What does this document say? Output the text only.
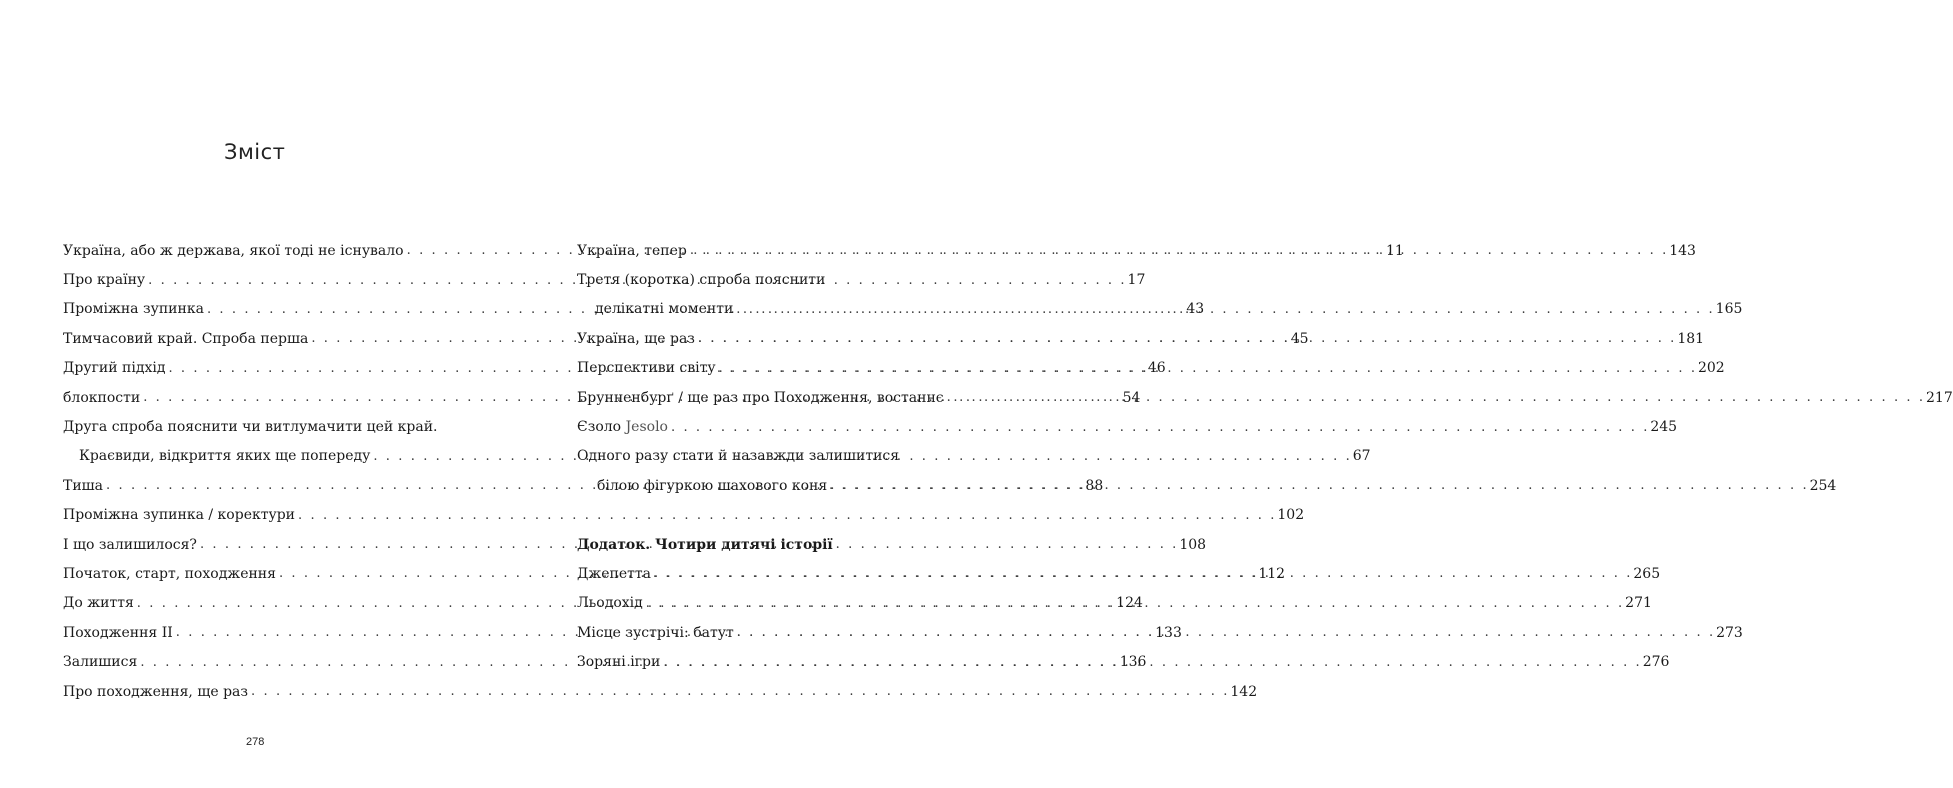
Зміст
Україна, або ж держава, якої тоді не існувало . . .	11
Про країну . . .	17
Проміжна зупинка . . .	43
Тимчасовий край. Спроба перша . . .	45
Другий підхід . . .	46
блокпости . . .	54
Друга спроба пояснити чи витлумачити цей край.
Краєвиди, відкриття яких ще попереду . . .	67
Тиша . . .	88
Проміжна зупинка / коректури . . .	102
І що залишилося? . . .	108
Початок, старт, походження . . .	112
До життя . . .	124
Походження II . . .	133
Залишися . . .	136
Про походження, ще раз . . .	142
Україна, тепер . . .	143
Третя (коротка) спроба пояснити
делікатні моменти . . .	165
Україна, ще раз . . .	181
Перспективи світу . . .	202
Брунненбурґ / ще раз про Походження, востаннє . . .	217
Єзоло Jesolo . . .	245
Одного разу стати й назавжди залишитися
білою фігуркою шахового коня . . .	254
Додаток. Чотири дитячі історії
Джепетта . . .	265
Льодохід . . .	271
Місце зустрічі: батут . . .	273
Зоряні ігри . . .	276
278
